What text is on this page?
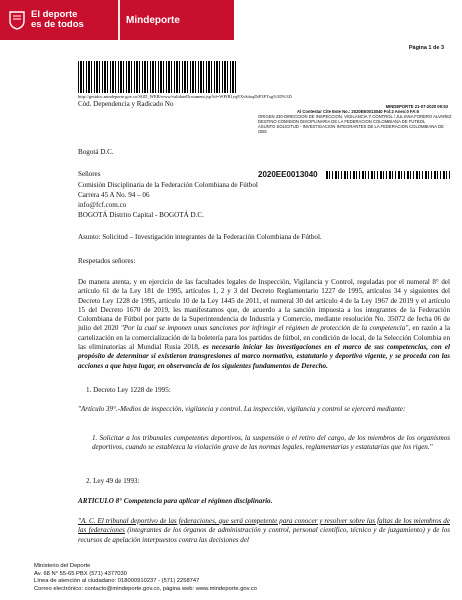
El deporte
es de todos	Mindeporte
Página 1 de 3
http://gestdoc.mindeporte.gov.co/SGD_WEB/www/validateDocument.jsp?id=WPfR1yqEXsSdoqDtP3FTxg%3D%3D
Cód. Dependencia y Radicado No	MINDEPORTE 21-07-2020 09:53
Al Contestar Cite Este No.: 2020EE0013040 Fol:2 Anex:0 FA:6
ORIGEN 330-DIRECCION DE INSPECCION, VIGILANCIA Y CONTROL / JULIANA FORERO ALVAREZ
DESTINO COMISION DISCIPLINARIA DE LA FEDERACION COLOMBIANA DE FUTBOL
ASUNTO SOLICITUD - INVESTIGACION INTEGRANTES DE LA FEDERACION COLOMBIANA DE
OBS
Bogotá D.C.
2020EE0013040
Señores
Comisión Disciplinaria de la Federación Colombiana de Fútbol
Carrera 45 A No. 94 – 06
info@fcf.com.co
BOGOTÁ Distrito Capital - BOGOTÁ D.C.
Asunto: Solicitud – Investigación integrantes de la Federación Colombiana de Fútbol.
Respetados señores:
De manera atenta, y en ejercicio de las facultades legales de Inspección, Vigilancia y Control, reguladas por el numeral 8° del artículo 61 de la Ley 181 de 1995, artículos 1, 2 y 3 del Decreto Reglamentario 1227 de 1995, artículos 34 y siguientes del Decreto Ley 1228 de 1995, artículo 10 de la Ley 1445 de 2011, el numeral 30 del artículo 4 de la Ley 1967 de 2019 y el artículo 15 del Decreto 1670 de 2019, les manifestamos que, de acuerdo a la sanción impuesta a los integrantes de la Federación Colombiana de Fútbol por parte de la Superintendencia de Industria y Comercio, mediante resolución No. 35072 de fecha 06 de julio del 2020 "Por la cual se imponen unas sanciones por infringir el régimen de protección de la competencia", en razón a la cartelización en la comercialización de la boletería para los partidos de fútbol, en condición de local, de la Selección Colombia en las eliminatorias al Mundial Rusia 2018, es necesario iniciar las investigaciones en el marco de sus competencias, con el propósito de determinar si existieron transgresiones al marco normativo, estatutario y deportivo vigente, y se proceda con las acciones a que haya lugar, en observancia de los siguientes fundamentos de Derecho.
1. Decreto Ley 1228 de 1995:
"Artículo 39°.-Medios de inspección, vigilancia y control. La inspección, vigilancia y control se ejercerá mediante:
1. Solicitar a los tribunales competentes deportivos, la suspensión o el retiro del cargo, de los miembros de los organismos deportivos, cuando se establezca la violación grave de las normas legales, reglamentarias y estatutarias que los rigen."
2. Ley 49 de 1993:
ARTICULO 8° Competencia para aplicar el régimen disciplinario.
"A. C. El tribunal deportivo de las federaciones, que será competente para conocer y resolver sobre las faltas de los miembros de las federaciones (integrantes de los órganos de administración y control, personal científico, técnico y de juzgamiento) y de los recursos de apelación interpuestos contra las decisiones del
Ministerio del Deporte
Av. 68 N° 55-65 PBX (571) 4377030
Línea de atención al ciudadano: 018000910237 - (571) 2258747
Correo electrónico: contacto@mindeporte.gov.co, página web: www.mindeporte.gov.co
